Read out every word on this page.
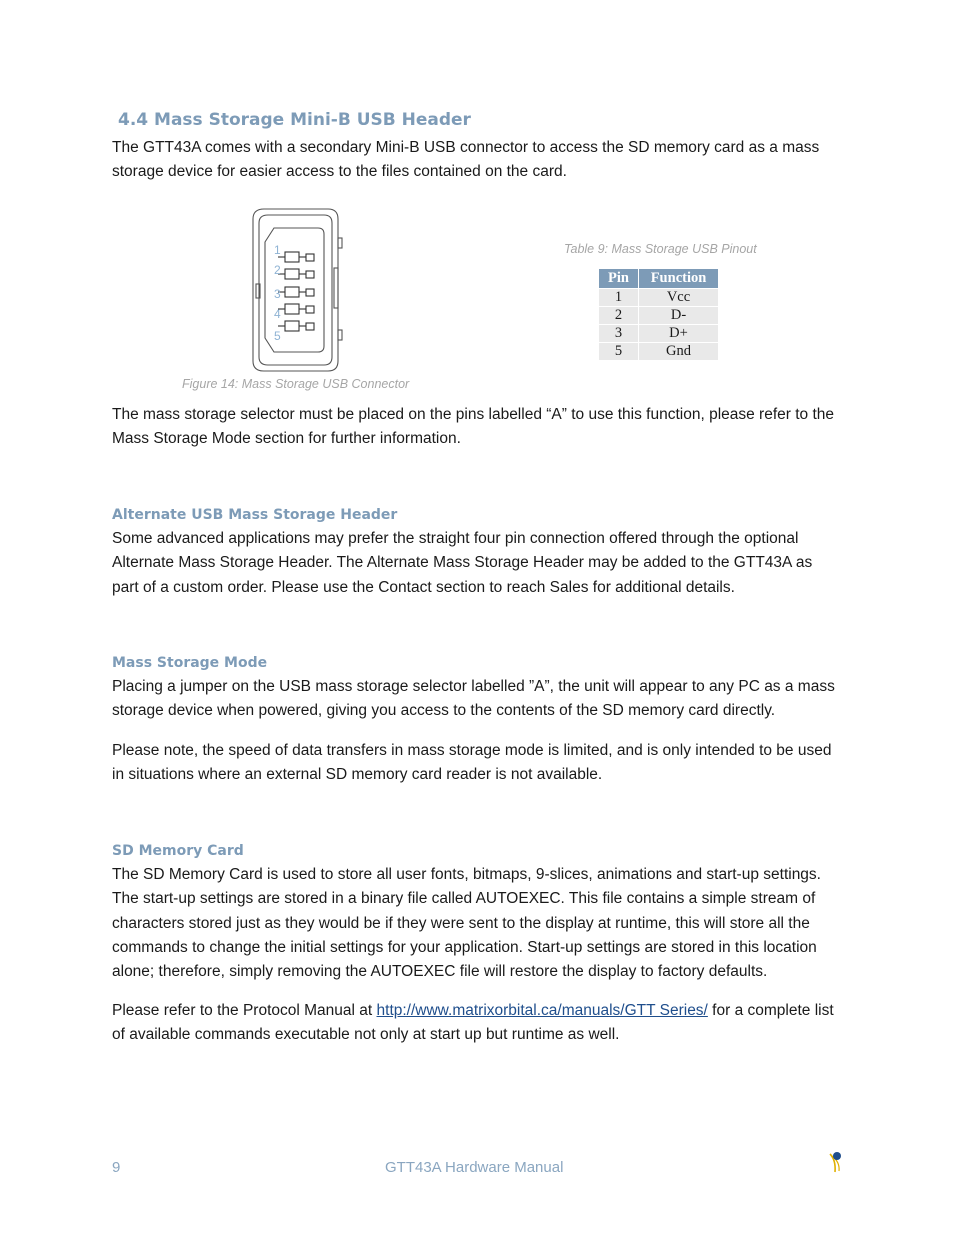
4.4 Mass Storage Mini-B USB Header

The GTT43A comes with a secondary Mini-B USB connector to access the SD memory card as a mass storage device for easier access to the files contained on the card.

1
2
3
4
5

Figure 14: Mass Storage USB Connector

Table 9: Mass Storage USB Pinout

Pin	Function
1	Vcc
2	D-
3	D+
5	Gnd

The mass storage selector must be placed on the pins labelled “A” to use this function, please refer to the Mass Storage Mode section for further information.

Alternate USB Mass Storage Header

Some advanced applications may prefer the straight four pin connection offered through the optional Alternate Mass Storage Header. The Alternate Mass Storage Header may be added to the GTT43A as part of a custom order. Please use the Contact section to reach Sales for additional details.

Mass Storage Mode

Placing a jumper on the USB mass storage selector labelled ”A”, the unit will appear to any PC as a mass storage device when powered, giving you access to the contents of the SD memory card directly.

Please note, the speed of data transfers in mass storage mode is limited, and is only intended to be used in situations where an external SD memory card reader is not available.

SD Memory Card

The SD Memory Card is used to store all user fonts, bitmaps, 9-slices, animations and start-up settings. The start-up settings are stored in a binary file called AUTOEXEC. This file contains a simple stream of characters stored just as they would be if they were sent to the display at runtime, this will store all the commands to change the initial settings for your application. Start-up settings are stored in this location alone; therefore, simply removing the AUTOEXEC file will restore the display to factory defaults.

Please refer to the Protocol Manual at http://www.matrixorbital.ca/manuals/GTT Series/ for a complete list of available commands executable not only at start up but runtime as well.

9	GTT43A Hardware Manual
